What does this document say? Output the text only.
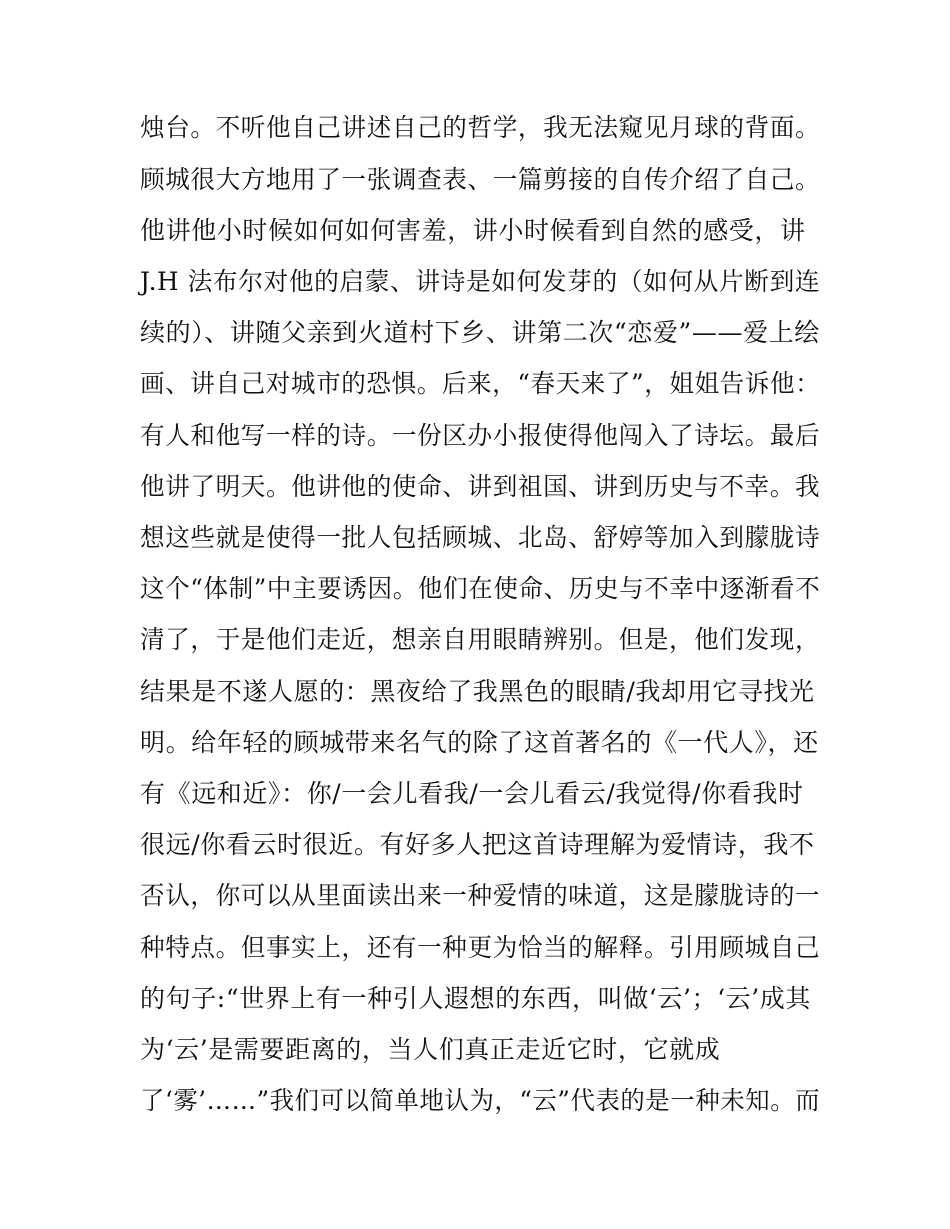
烛台。不听他自己讲述自己的哲学，我无法窥见月球的背面。
顾城很大方地用了一张调查表、一篇剪接的自传介绍了自己。
他讲他小时候如何如何害羞，讲小时候看到自然的感受，讲
J.H 法布尔对他的启蒙、讲诗是如何发芽的（如何从片断到连
续的）、讲随父亲到火道村下乡、讲第二次“恋爱”——爱上绘
画、讲自己对城市的恐惧。后来，“春天来了”，姐姐告诉他：
有人和他写一样的诗。一份区办小报使得他闯入了诗坛。最后
他讲了明天。他讲他的使命、讲到祖国、讲到历史与不幸。我
想这些就是使得一批人包括顾城、北岛、舒婷等加入到朦胧诗
这个“体制”中主要诱因。他们在使命、历史与不幸中逐渐看不
清了，于是他们走近，想亲自用眼睛辨别。但是，他们发现，
结果是不遂人愿的：黑夜给了我黑色的眼睛/我却用它寻找光
明。给年轻的顾城带来名气的除了这首著名的《一代人》，还
有《远和近》：你/一会儿看我/一会儿看云/我觉得/你看我时
很远/你看云时很近。有好多人把这首诗理解为爱情诗，我不
否认，你可以从里面读出来一种爱情的味道，这是朦胧诗的一
种特点。但事实上，还有一种更为恰当的解释。引用顾城自己
的句子:“世界上有一种引人遐想的东西，叫做‘云’；‘云’成其
为‘云’是需要距离的，当人们真正走近它时，它就成
了‘雾’……”我们可以简单地认为，“云”代表的是一种未知。而
